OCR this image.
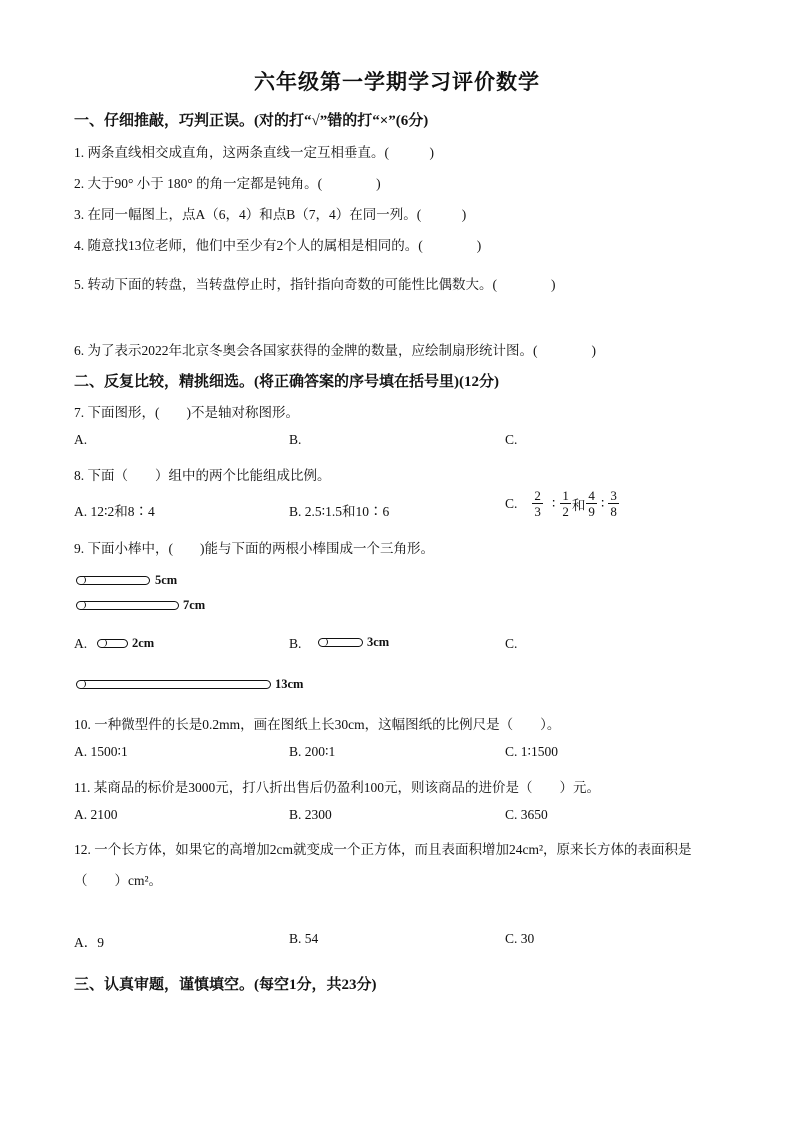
六年级第一学期学习评价数学
一、仔细推敲，巧判正误。(对的打“√”错的打“×”(6分)
1. 两条直线相交成直角，这两条直线一定互相垂直。(　　　)
2. 大于90° 小于 180° 的角一定都是钝角。(　　　　)
3. 在同一幅图上，点A（6，4）和点B（7，4）在同一列。(　　　)
4. 随意找13位老师，他们中至少有2个人的属相是相同的。(　　　　)
5. 转动下面的转盘，当转盘停止时，指针指向奇数的可能性比偶数大。(　　　　)
6. 为了表示2022年北京冬奥会各国家获得的金牌的数量，应绘制扇形统计图。(　　　　)
二、反复比较，精挑细选。(将正确答案的序号填在括号里)(12分)
7. 下面图形，(　　)不是轴对称图形。
A.	B.	C.
8. 下面（　　）组中的两个比能组成比例。
A. 12∶2和8∶4	B. 2.5∶1.5和10∶6
C. $\frac{2}{3}$ ∶ $\frac{1}{2}$ 和 $\frac{4}{9}$ ∶ $\frac{3}{8}$
9. 下面小棒中，(　　)能与下面的两根小棒围成一个三角形。
5cm
7cm
A.	2cm	B.	3cm	C.
13cm
10. 一种微型件的长是0.2mm，画在图纸上长30cm，这幅图纸的比例尺是（　　）。
A. 1500∶1	B. 200∶1	C. 1∶1500
11. 某商品的标价是3000元，打八折出售后仍盈利100元，则该商品的进价是（　　）元。
A. 2100	B. 2300	C. 3650
12. 一个长方体，如果它的高增加2cm就变成一个正方体，而且表面积增加24cm²，原来长方体的表面积是
（　　）cm²。
A．9	B. 54	C. 30
三、认真审题，谨慎填空。(每空1分，共23分)
